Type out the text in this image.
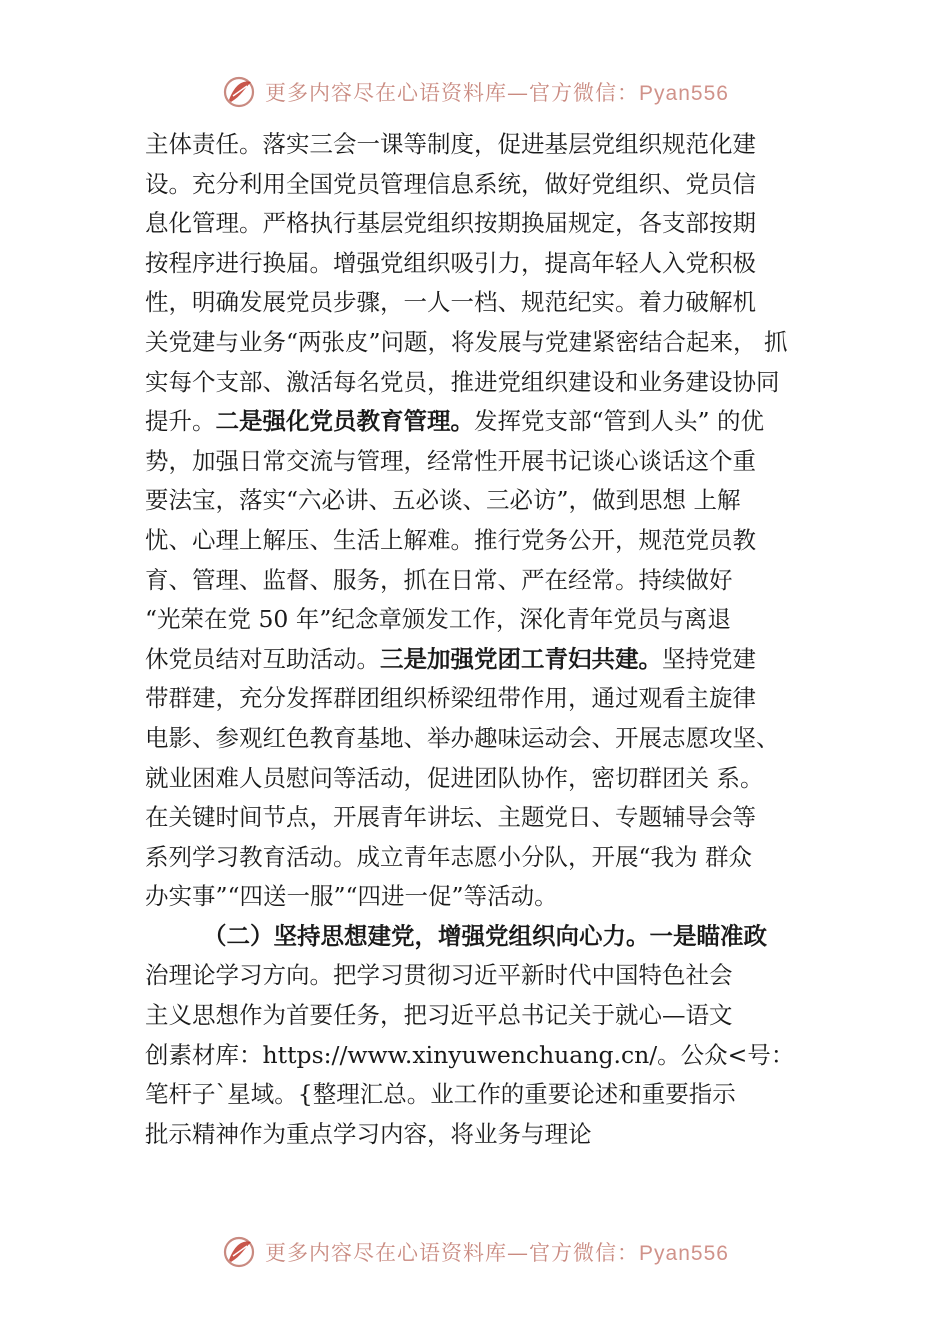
更多内容尽在心语资料库—官方微信：Pyan556
主体责任。落实三会一课等制度，促进基层党组织规范化建
设。充分利用全国党员管理信息系统，做好党组织、党员信
息化管理。严格执行基层党组织按期换届规定，各支部按期
按程序进行换届。增强党组织吸引力，提高年轻人入党积极
性，明确发展党员步骤，一人一档、规范纪实。着力破解机
关党建与业务“两张皮”问题，将发展与党建紧密结合起来， 抓
实每个支部、激活每名党员，推进党组织建设和业务建设协同
提升。二是强化党员教育管理。发挥党支部“管到人头” 的优
势，加强日常交流与管理，经常性开展书记谈心谈话这个重
要法宝，落实“六必讲、五必谈、三必访”，做到思想 上解
忧、心理上解压、生活上解难。推行党务公开，规范党员教
育、管理、监督、服务，抓在日常、严在经常。持续做好
“光荣在党 50 年”纪念章颁发工作，深化青年党员与离退
休党员结对互助活动。三是加强党团工青妇共建。坚持党建
带群建，充分发挥群团组织桥梁纽带作用，通过观看主旋律
电影、参观红色教育基地、举办趣味运动会、开展志愿攻坚、
就业困难人员慰问等活动，促进团队协作，密切群团关 系。
在关键时间节点，开展青年讲坛、主题党日、专题辅导会等
系列学习教育活动。成立青年志愿小分队，开展“我为 群众
办实事”“四送一服”“四进一促”等活动。
（二）坚持思想建党，增强党组织向心力。一是瞄准政
治理论学习方向。把学习贯彻习近平新时代中国特色社会
主义思想作为首要任务，把习近平总书记关于就心—语文
创素材库：https://www.xinyuwenchuang.cn/。公众<号：
笔杆子`星域。{整理汇总。业工作的重要论述和重要指示
批示精神作为重点学习内容，将业务与理论
更多内容尽在心语资料库—官方微信：Pyan556
